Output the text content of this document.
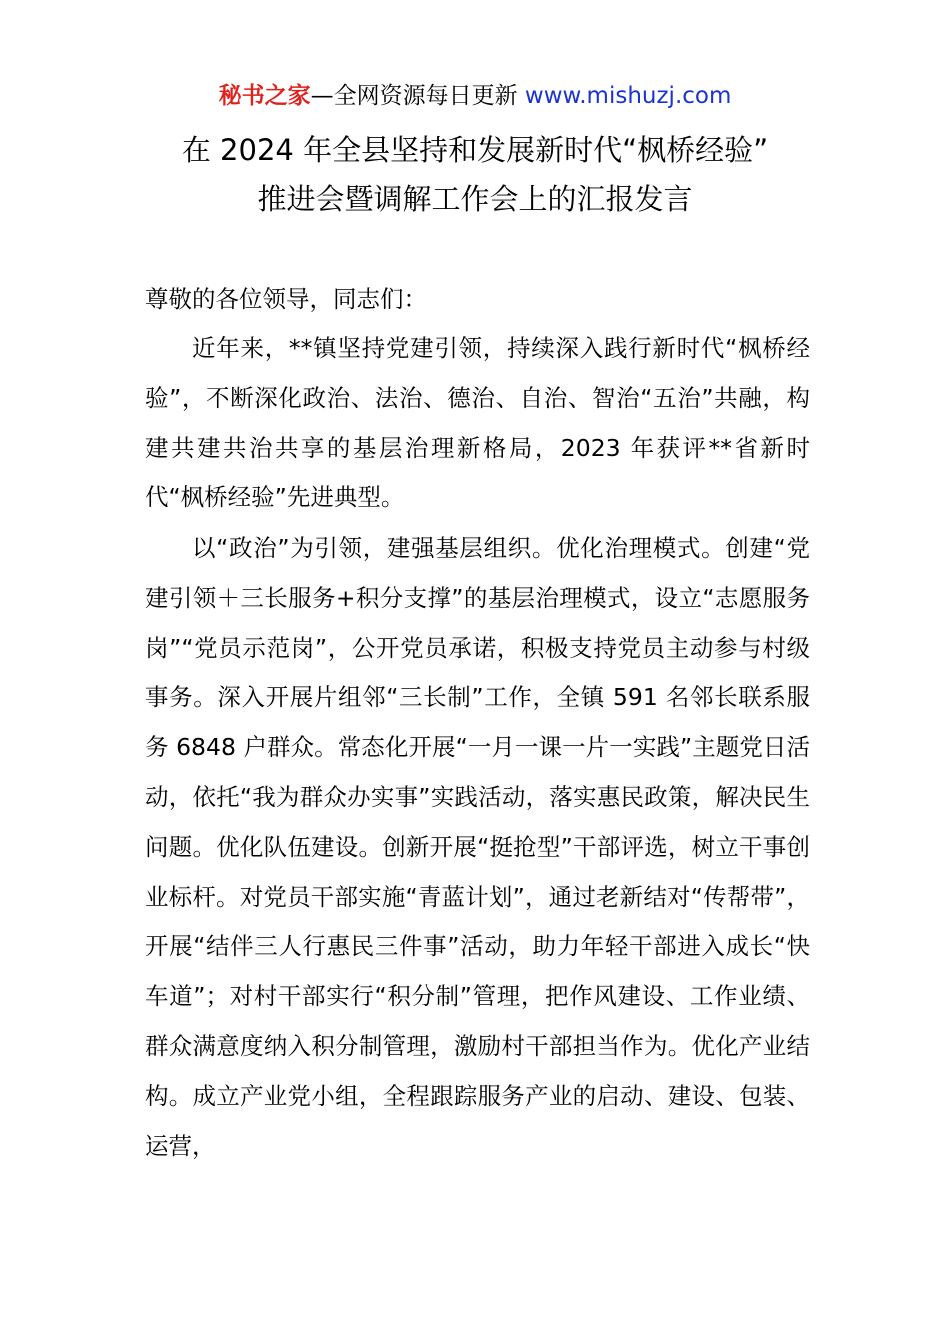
秘书之家—全网资源每日更新 www.mishuzj.com
在 2024 年全县坚持和发展新时代“枫桥经验”
推进会暨调解工作会上的汇报发言
尊敬的各位领导，同志们：
近年来，**镇坚持党建引领，持续深入践行新时代“枫桥经验”，不断深化政治、法治、德治、自治、智治“五治”共融，构建共建共治共享的基层治理新格局，2023 年获评**省新时代“枫桥经验”先进典型。
以“政治”为引领，建强基层组织。优化治理模式。创建“党建引领＋三长服务+积分支撑”的基层治理模式，设立“志愿服务岗”“党员示范岗”，公开党员承诺，积极支持党员主动参与村级事务。深入开展片组邻“三长制”工作，全镇 591 名邻长联系服务 6848 户群众。常态化开展“一月一课一片一实践”主题党日活动，依托“我为群众办实事”实践活动，落实惠民政策，解决民生问题。优化队伍建设。创新开展“挺抢型”干部评选，树立干事创业标杆。对党员干部实施“青蓝计划”，通过老新结对“传帮带”，开展“结伴三人行惠民三件事”活动，助力年轻干部进入成长“快车道”；对村干部实行“积分制”管理，把作风建设、工作业绩、群众满意度纳入积分制管理，激励村干部担当作为。优化产业结构。成立产业党小组，全程跟踪服务产业的启动、建设、包装、运营，
